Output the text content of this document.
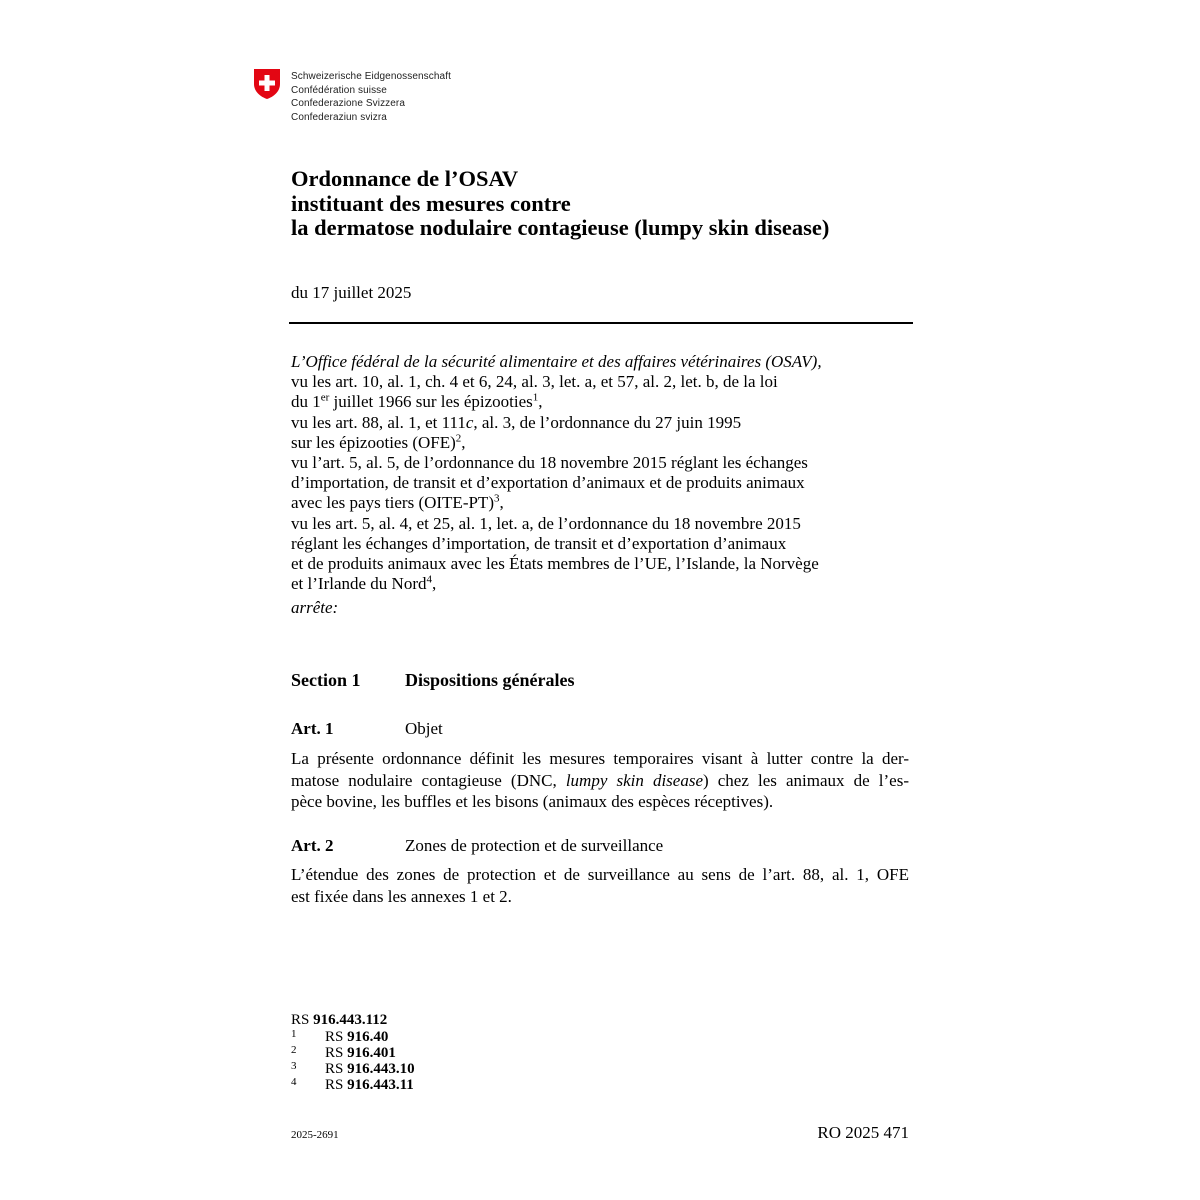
Schweizerische Eidgenossenschaft
Confédération suisse
Confederazione Svizzera
Confederaziun svizra
Ordonnance de l’OSAV
instituant des mesures contre
la dermatose nodulaire contagieuse (lumpy skin disease)
du 17 juillet 2025
L’Office fédéral de la sécurité alimentaire et des affaires vétérinaires (OSAV),
vu les art. 10, al. 1, ch. 4 et 6, 24, al. 3, let. a, et 57, al. 2, let. b, de la loi
du 1er juillet 1966 sur les épizooties$^1$,
vu les art. 88, al. 1, et 111c, al. 3, de l’ordonnance du 27 juin 1995
sur les épizooties (OFE)$^2$,
vu l’art. 5, al. 5, de l’ordonnance du 18 novembre 2015 réglant les échanges
d’importation, de transit et d’exportation d’animaux et de produits animaux
avec les pays tiers (OITE-PT)$^3$,
vu les art. 5, al. 4, et 25, al. 1, let. a, de l’ordonnance du 18 novembre 2015
réglant les échanges d’importation, de transit et d’exportation d’animaux
et de produits animaux avec les États membres de l’UE, l’Islande, la Norvège
et l’Irlande du Nord$^4$,
arrête:
Section 1 Dispositions générales
Art. 1	Objet
La présente ordonnance définit les mesures temporaires visant à lutter contre la der-
matose nodulaire contagieuse (DNC, lumpy skin disease) chez les animaux de l’es-
pèce bovine, les buffles et les bisons (animaux des espèces réceptives).
Art. 2	Zones de protection et de surveillance
L’étendue des zones de protection et de surveillance au sens de l’art. 88, al. 1, OFE
est fixée dans les annexes 1 et 2.
RS 916.443.112
1	RS 916.40
2	RS 916.401
3	RS 916.443.10
4	RS 916.443.11
2025-2691	RO 2025 471
